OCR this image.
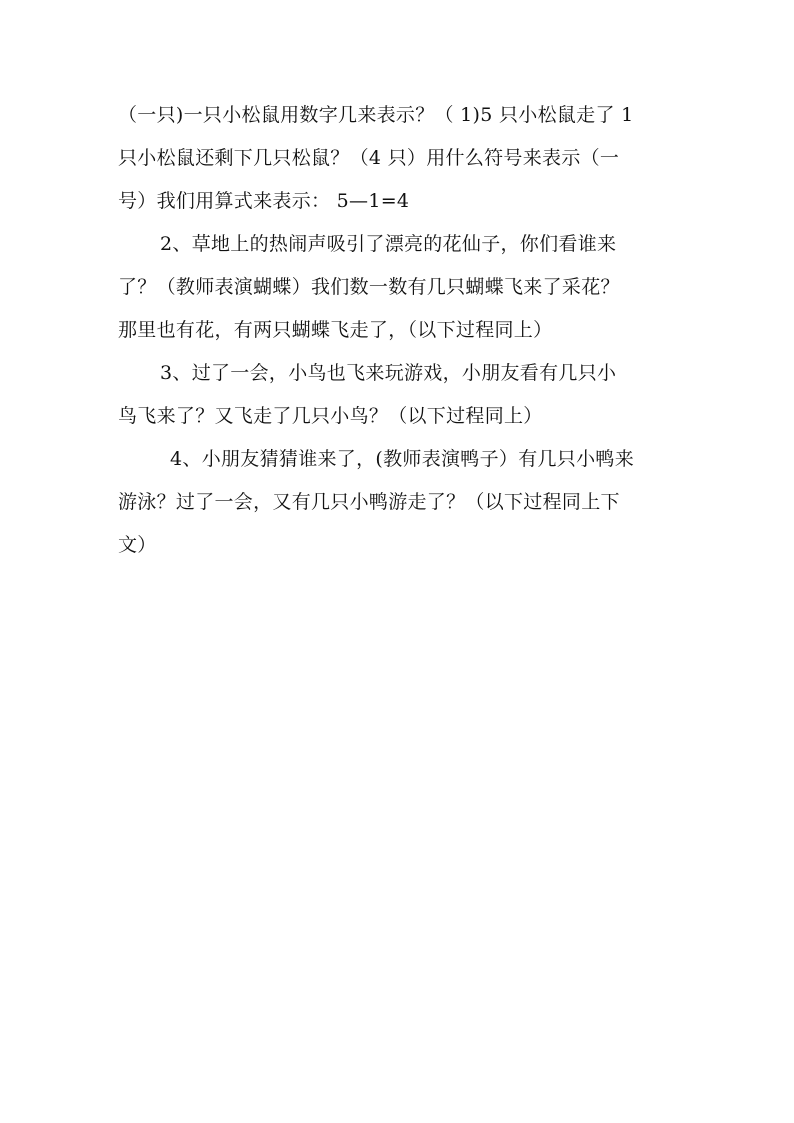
（一只)一只小松鼠用数字几来表示？（ 1)5 只小松鼠走了 1
只小松鼠还剩下几只松鼠？（4 只）用什么符号来表示（一
号）我们用算式来表示： 5—1=4
2、草地上的热闹声吸引了漂亮的花仙子，你们看谁来
了？（教师表演蝴蝶）我们数一数有几只蝴蝶飞来了采花？
那里也有花，有两只蝴蝶飞走了，（以下过程同上）
3、过了一会，小鸟也飞来玩游戏，小朋友看有几只小
鸟飞来了？又飞走了几只小鸟？（以下过程同上）
4、小朋友猜猜谁来了，(教师表演鸭子）有几只小鸭来
游泳？过了一会，又有几只小鸭游走了？（以下过程同上下
文）
